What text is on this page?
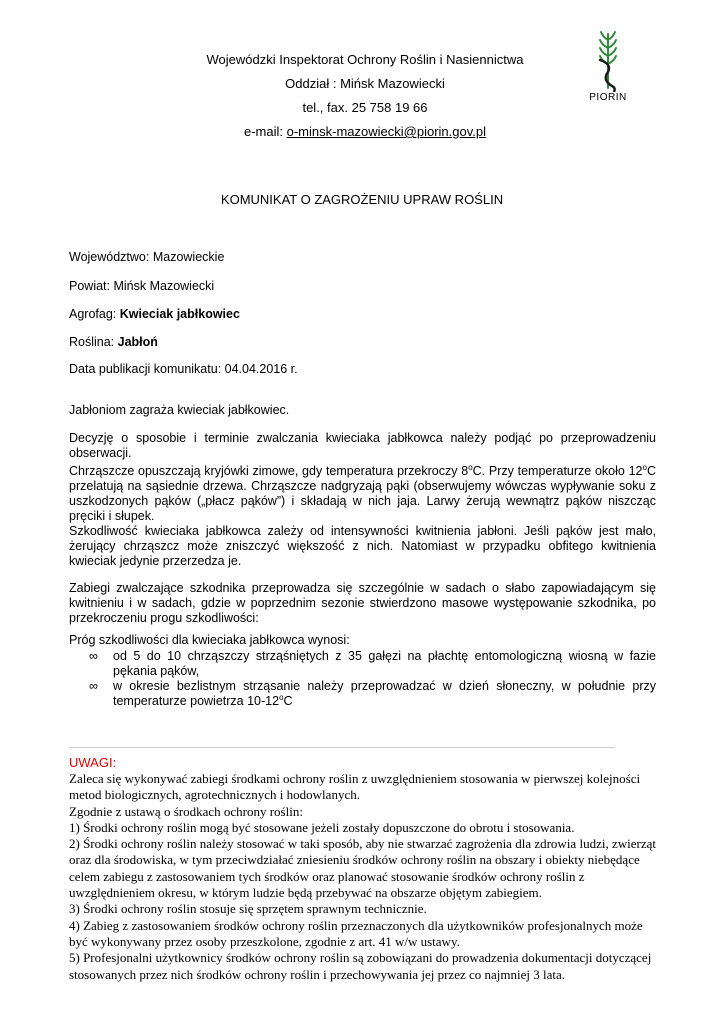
Wojewódzki Inspektorat Ochrony Roślin i Nasiennictwa
Oddział : Mińsk Mazowiecki
tel., fax. 25 758 19 66
e-mail: o-minsk-mazowiecki@piorin.gov.pl
PIORIN
KOMUNIKAT O ZAGROŻENIU UPRAW ROŚLIN
Województwo: Mazowieckie
Powiat: Mińsk Mazowiecki
Agrofag: Kwieciak jabłkowiec
Roślina: Jabłoń
Data publikacji komunikatu: 04.04.2016 r.

Jabłoniom zagraża kwieciak jabłkowiec.

Decyzję o sposobie i terminie zwalczania kwieciaka jabłkowca należy podjąć po przeprowadzeniu obserwacji.

Chrząszcze opuszczają kryjówki zimowe, gdy temperatura przekroczy 8$^o$C. Przy temperaturze około 12$^o$C przelatują na sąsiednie drzewa. Chrząszcze nadgryzają pąki (obserwujemy wówczas wypływanie soku z uszkodzonych pąków („płacz pąków”) i składają w nich jaja. Larwy żerują wewnątrz pąków niszcząc pręciki i słupek.

Szkodliwość kwieciaka jabłkowca zależy od intensywności kwitnienia jabłoni. Jeśli pąków jest mało, żerujący chrząszcz może zniszczyć większość z nich. Natomiast w przypadku obfitego kwitnienia kwieciak jedynie przerzedza je.

Zabiegi zwalczające szkodnika przeprowadza się szczególnie w sadach o słabo zapowiadającym się kwitnieniu i w sadach, gdzie w poprzednim sezonie stwierdzono masowe występowanie szkodnika, po przekroczeniu progu szkodliwości:

Próg szkodliwości dla kwieciaka jabłkowca wynosi:

∞ od 5 do 10 chrząszczy strząśniętych z 35 gałęzi na płachtę entomologiczną wiosną w fazie pękania pąków,
∞ w okresie bezlistnym strząsanie należy przeprowadzać w dzień słoneczny, w południe przy temperaturze powietrza 10-12$^o$C
UWAGI:

Zaleca się wykonywać zabiegi środkami ochrony roślin z uwzględnieniem stosowania w pierwszej kolejności metod biologicznych, agrotechnicznych i hodowlanych.

Zgodnie z ustawą o środkach ochrony roślin:

1) Środki ochrony roślin mogą być stosowane jeżeli zostały dopuszczone do obrotu i stosowania.

2) Środki ochrony roślin należy stosować w taki sposób, aby nie stwarzać zagrożenia dla zdrowia ludzi, zwierząt oraz dla środowiska, w tym przeciwdziałać zniesieniu środków ochrony roślin na obszary i obiekty niebędące celem zabiegu z zastosowaniem tych środków oraz planować stosowanie środków ochrony roślin z uwzględnieniem okresu, w którym ludzie będą przebywać na obszarze objętym zabiegiem.

3) Środki ochrony roślin stosuje się sprzętem sprawnym technicznie.

4) Zabieg z zastosowaniem środków ochrony roślin przeznaczonych dla użytkowników profesjonalnych może być wykonywany przez osoby przeszkolone, zgodnie z art. 41 w/w ustawy.

5) Profesjonalni użytkownicy środków ochrony roślin są zobowiązani do prowadzenia dokumentacji dotyczącej stosowanych przez nich środków ochrony roślin i przechowywania jej przez co najmniej 3 lata.
